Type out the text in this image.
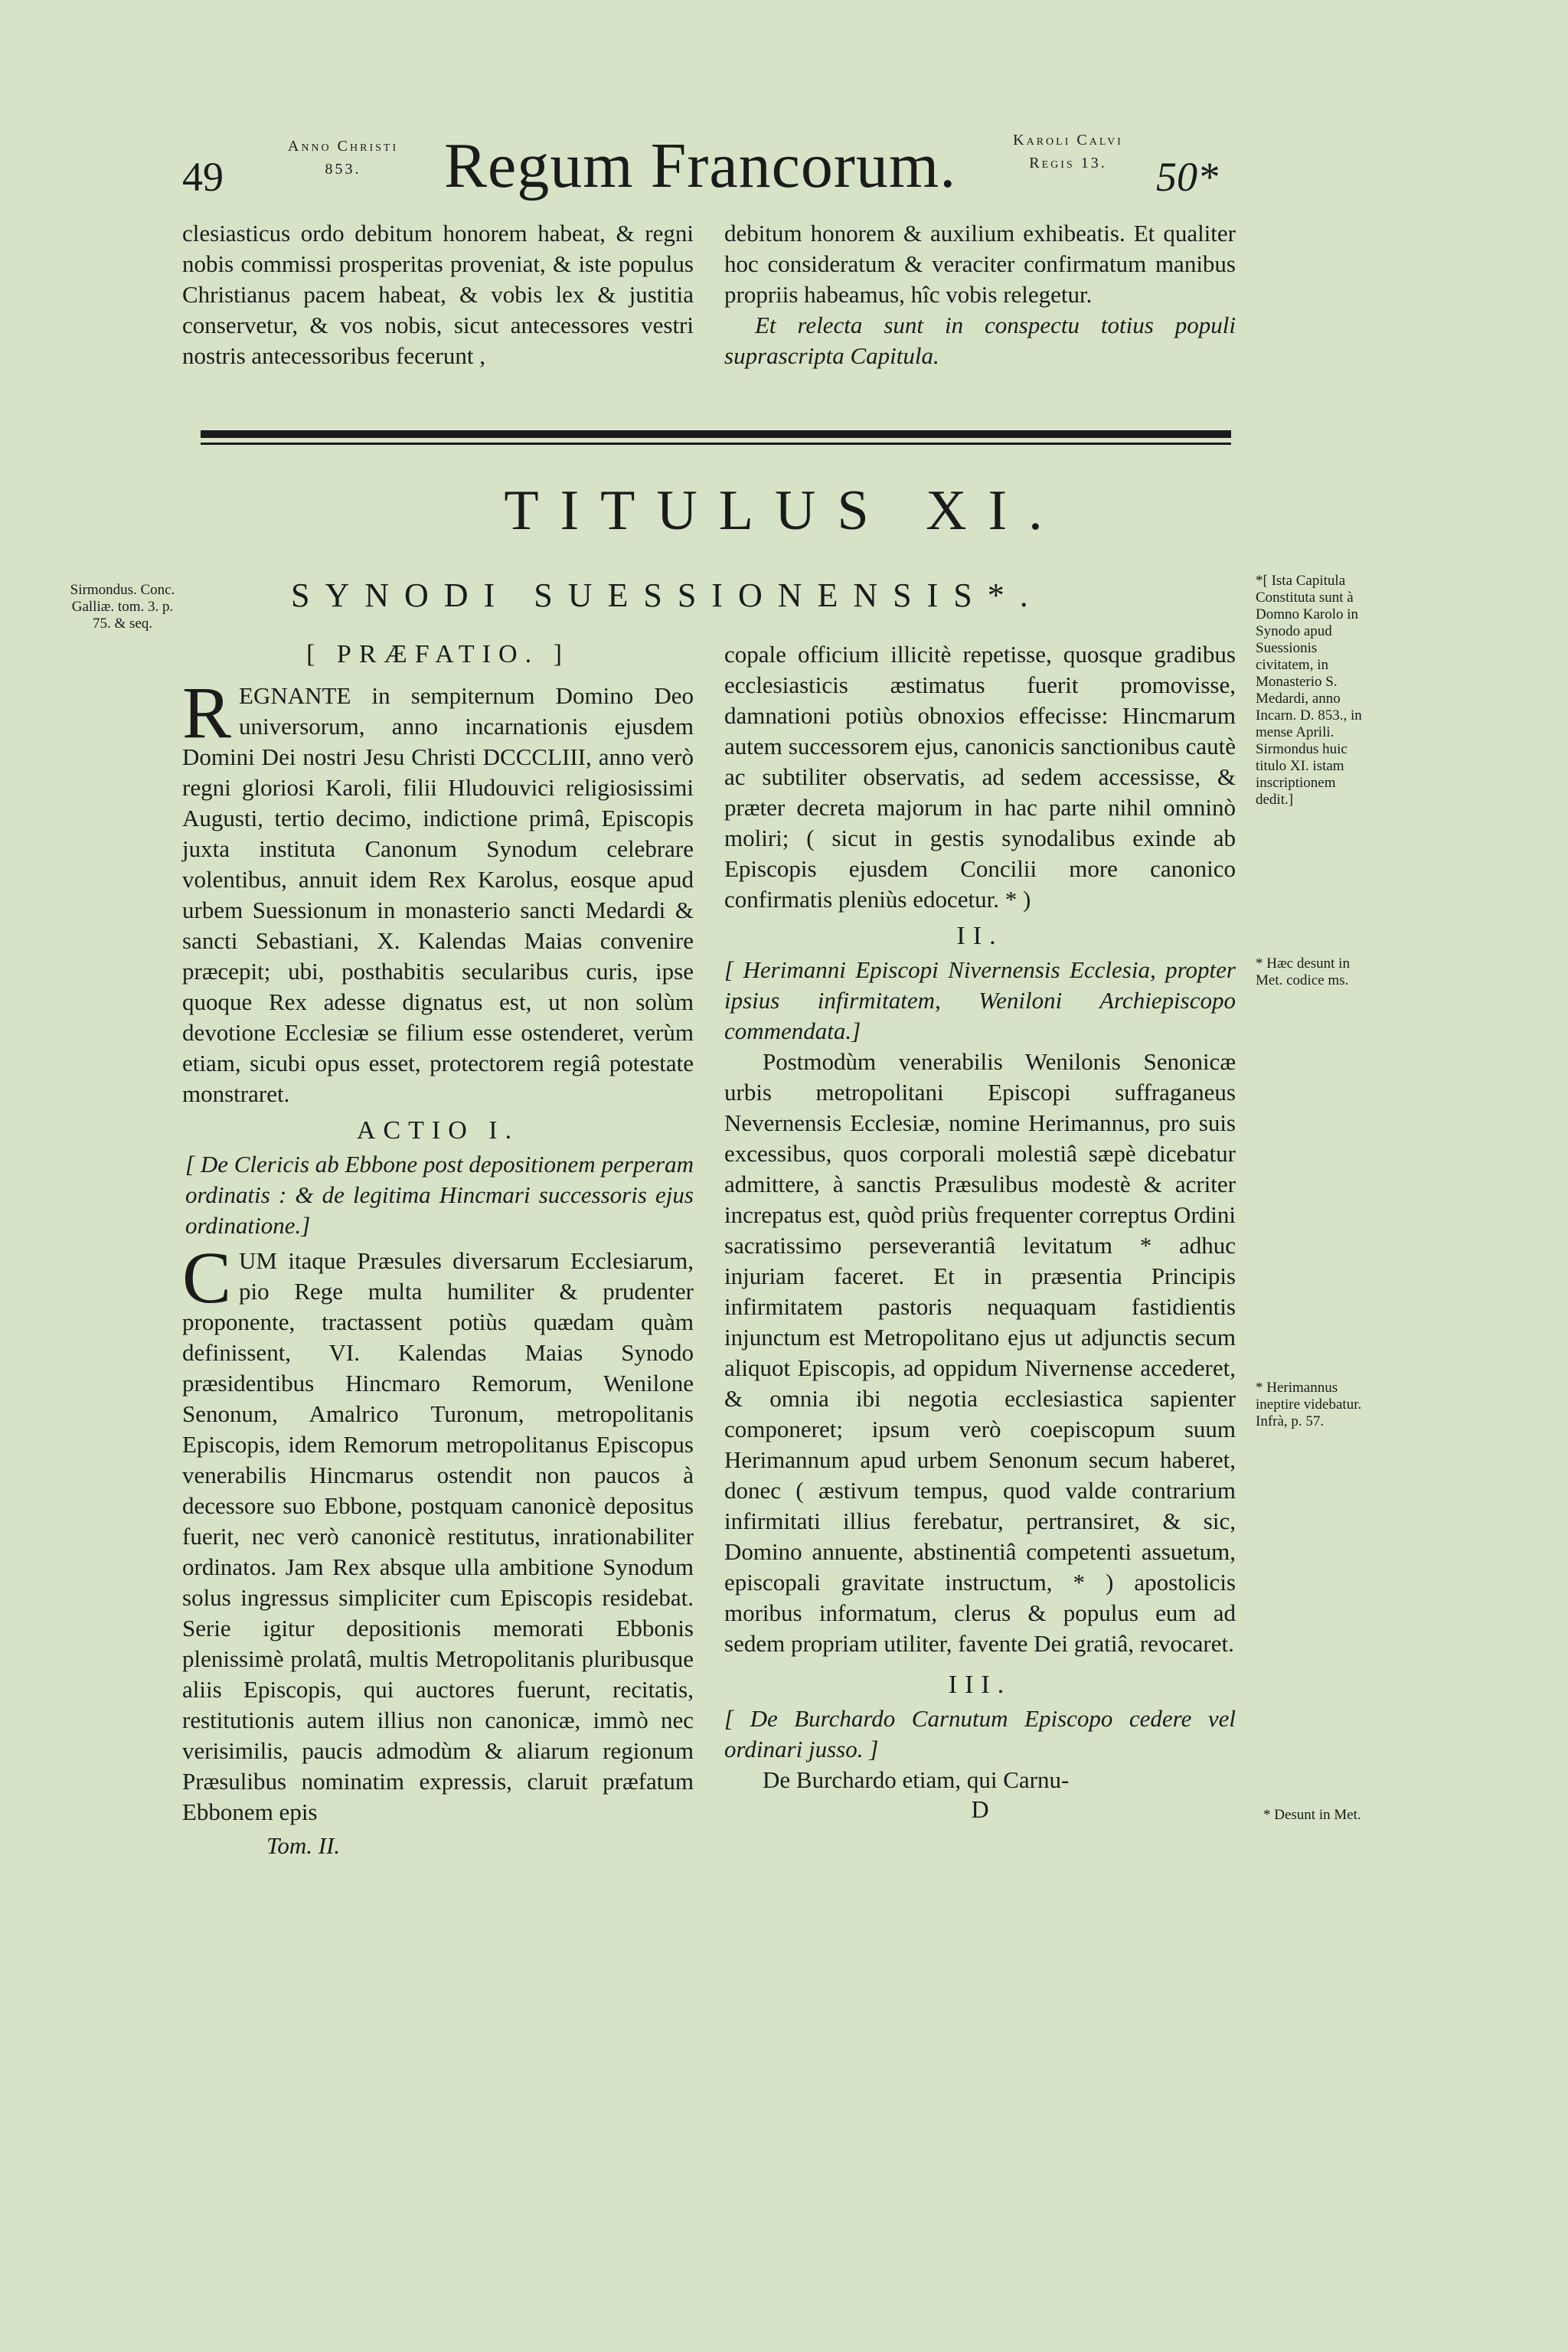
49
Anno Christi
853.	Regum Francorum.	Karoli Calvi
Regis 13.	50*

clesiasticus ordo debitum honorem habeat, & regni nobis commissi prosperitas proveniat, & iste populus Christianus pacem habeat, & vobis lex & justitia conservetur, & vos nobis, sicut antecessores vestri nostris antecessoribus fecerunt ,

debitum honorem & auxilium exhibeatis. Et qualiter hoc consideratum & veraciter confirmatum manibus propriis habeamus, hîc vobis relegetur.

Et relecta sunt in conspectu totius populi suprascripta Capitula.

TITULUS XI.
SYNODI SUESSIONENSIS*.
Sirmondus. Conc. Galliæ. tom. 3. p. 75. & seq.
[ PRÆFATIO. ]

R EGNANTE in sempiternum Domino Deo universorum, anno incarnationis ejusdem Domini Dei nostri Jesu Christi DCCCLIII, anno verò regni gloriosi Karoli, filii Hludouvici religiosissimi Augusti, tertio decimo, indictione primâ, Episcopis juxta instituta Canonum Synodum celebrare volentibus, annuit idem Rex Karolus, eosque apud urbem Suessionum in monasterio sancti Medardi & sancti Sebastiani, X. Kalendas Maias convenire præcepit; ubi, posthabitis secularibus curis, ipse quoque Rex adesse dignatus est, ut non solùm devotione Ecclesiæ se filium esse ostenderet, verùm etiam, sicubi opus esset, protectorem regiâ potestate monstraret.

ACTIO I.

[ De Clericis ab Ebbone post depositionem perperam ordinatis : & de legitima Hincmari successoris ejus ordinatione.]

C UM itaque Præsules diversarum Ecclesiarum, pio Rege multa humiliter & prudenter proponente, tractassent potiùs quædam quàm definissent, VI. Kalendas Maias Synodo præsidentibus Hincmaro Remorum, Wenilone Senonum, Amalrico Turonum, metropolitanis Episcopis, idem Remorum metropolitanus Episcopus venerabilis Hincmarus ostendit non paucos à decessore suo Ebbone, postquam canonicè depositus fuerit, nec verò canonicè restitutus, inrationabiliter ordinatos. Jam Rex absque ulla ambitione Synodum solus ingressus simpliciter cum Episcopis residebat. Serie igitur depositionis memorati Ebbonis plenissimè prolatâ, multis Metropolitanis pluribusque aliis Episcopis, qui auctores fuerunt, recitatis, restitutionis autem illius non canonicæ, immò nec verisimilis, paucis admodùm & aliarum regionum Præsulibus nominatim expressis, claruit præfatum Ebbonem epis

Tom. II.

copale officium illicitè repetisse, quosque gradibus ecclesiasticis æstimatus fuerit promovisse, damnationi potiùs obnoxios effecisse: Hincmarum autem successorem ejus, canonicis sanctionibus cautè ac subtiliter observatis, ad sedem accessisse, & præter decreta majorum in hac parte nihil omninò moliri; ( sicut in gestis synodalibus exinde ab Episcopis ejusdem Concilii more canonico confirmatis pleniùs edocetur. * )

II.

[ Herimanni Episcopi Nivernensis Ecclesia, propter ipsius infirmitatem, Weniloni Archiepiscopo commendata.]

Postmodùm venerabilis Wenilonis Senonicæ urbis metropolitani Episcopi suffraganeus Nevernensis Ecclesiæ, nomine Herimannus, pro suis excessibus, quos corporali molestiâ sæpè dicebatur admittere, à sanctis Præsulibus modestè & acriter increpatus est, quòd priùs frequenter correptus Ordini sacratissimo perseverantiâ levitatum * adhuc injuriam faceret. Et in præsentia Principis infirmitatem pastoris nequaquam fastidientis injunctum est Metropolitano ejus ut adjunctis secum aliquot Episcopis, ad oppidum Nivernense accederet, & omnia ibi negotia ecclesiastica sapienter componeret; ipsum verò coepiscopum suum Herimannum apud urbem Senonum secum haberet, donec ( æstivum tempus, quod valde contrarium infirmitati illius ferebatur, pertransiret, & sic, Domino annuente, abstinentiâ competenti assuetum, episcopali gravitate instructum, * ) apostolicis moribus informatum, clerus & populus eum ad sedem propriam utiliter, favente Dei gratiâ, revocaret.

III.

[ De Burchardo Carnutum Episcopo cedere vel ordinari jusso. ]

De Burchardo etiam, qui Carnu-

D
*[ Ista Capitula Constituta sunt à Domno Karolo in Synodo apud Suessionis civitatem, in Monasterio S. Medardi, anno Incarn. D. 853., in mense Aprili. Sirmondus huic titulo XI. istam inscriptionem dedit.]
* Hæc desunt in Met. codice ms.
* Herimannus ineptire videbatur. Infrà, p. 57.
* Desunt in Met.
